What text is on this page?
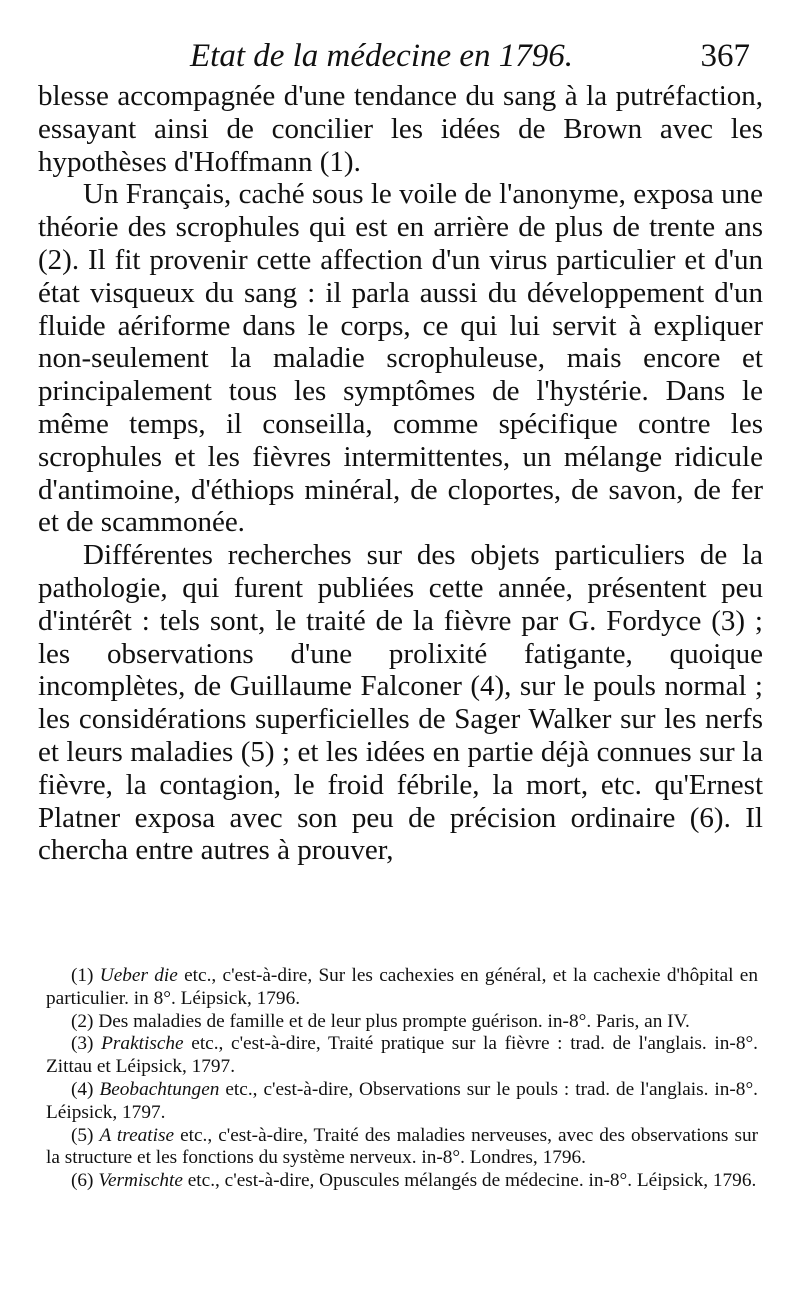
Etat de la médecine en 1796.	367

blesse accompagnée d'une tendance du sang à la putréfaction, essayant ainsi de concilier les idées de Brown avec les hypothèses d'Hoffmann (1).

Un Français, caché sous le voile de l'anonyme, exposa une théorie des scrophules qui est en arrière de plus de trente ans (2). Il fit provenir cette affection d'un virus particulier et d'un état visqueux du sang : il parla aussi du développement d'un fluide aériforme dans le corps, ce qui lui servit à expliquer non-seulement la maladie scrophuleuse, mais encore et principalement tous les symptômes de l'hystérie. Dans le même temps, il conseilla, comme spécifique contre les scrophules et les fièvres intermittentes, un mélange ridicule d'antimoine, d'éthiops minéral, de cloportes, de savon, de fer et de scammonée.

Différentes recherches sur des objets particuliers de la pathologie, qui furent publiées cette année, présentent peu d'intérêt : tels sont, le traité de la fièvre par G. Fordyce (3) ; les observations d'une prolixité fatigante, quoique incomplètes, de Guillaume Falconer (4), sur le pouls normal ; les considérations superficielles de Sager Walker sur les nerfs et leurs maladies (5) ; et les idées en partie déjà connues sur la fièvre, la contagion, le froid fébrile, la mort, etc. qu'Ernest Platner exposa avec son peu de précision ordinaire (6). Il chercha entre autres à prouver,

(1) Ueber die etc., c'est-à-dire, Sur les cachexies en général, et la cachexie d'hôpital en particulier. in 8°. Léipsick, 1796.

(2) Des maladies de famille et de leur plus prompte guérison. in-8°. Paris, an IV.

(3) Praktische etc., c'est-à-dire, Traité pratique sur la fièvre : trad. de l'anglais. in-8°. Zittau et Léipsick, 1797.

(4) Beobachtungen etc., c'est-à-dire, Observations sur le pouls : trad. de l'anglais. in-8°. Léipsick, 1797.

(5) A treatise etc., c'est-à-dire, Traité des maladies nerveuses, avec des observations sur la structure et les fonctions du système nerveux. in-8°. Londres, 1796.

(6) Vermischte etc., c'est-à-dire, Opuscules mélangés de médecine. in-8°. Léipsick, 1796.
